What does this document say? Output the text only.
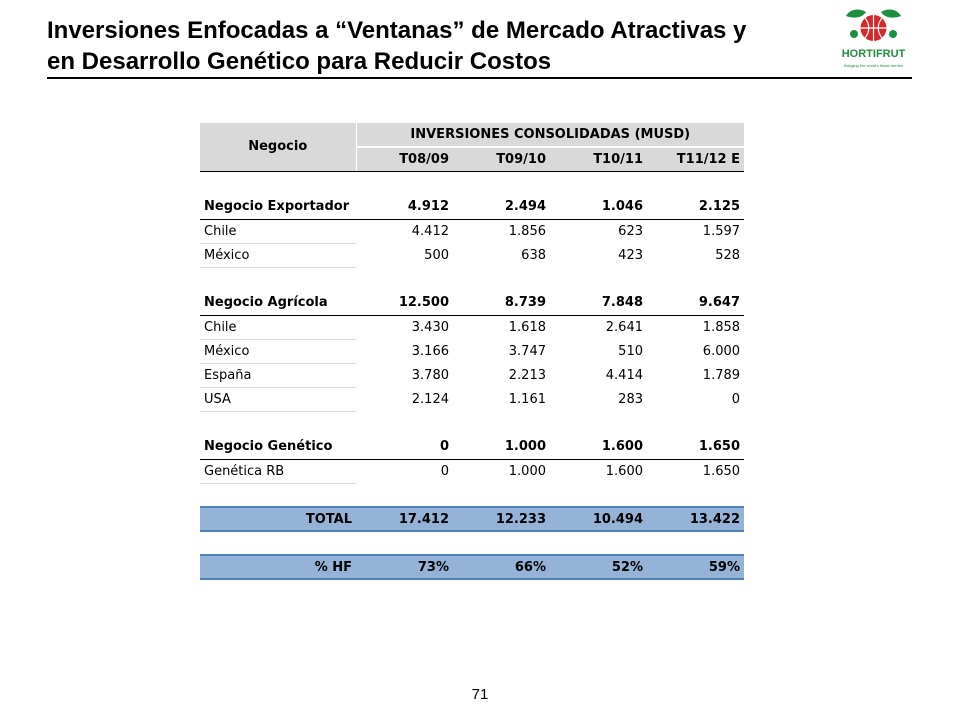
Inversiones Enfocadas a “Ventanas” de Mercado Atractivas y
en Desarrollo Genético para Reducir Costos	HORTIFRUT
Bringing the world's finest berries
Negocio	INVERSIONES CONSOLIDADAS (MUSD)			
	T08/09	T09/10	T10/11	T11/12 E

Negocio Exportador	4.912	2.494	1.046	2.125
Chile	4.412	1.856	623	1.597
México	500	638	423	528

Negocio Agrícola	12.500	8.739	7.848	9.647
Chile	3.430	1.618	2.641	1.858
México	3.166	3.747	510	6.000
España	3.780	2.213	4.414	1.789
USA	2.124	1.161	283	0

Negocio Genético	0	1.000	1.600	1.650
Genética RB	0	1.000	1.600	1.650

TOTAL	17.412	12.233	10.494	13.422

% HF	73%	66%	52%	59%
71
